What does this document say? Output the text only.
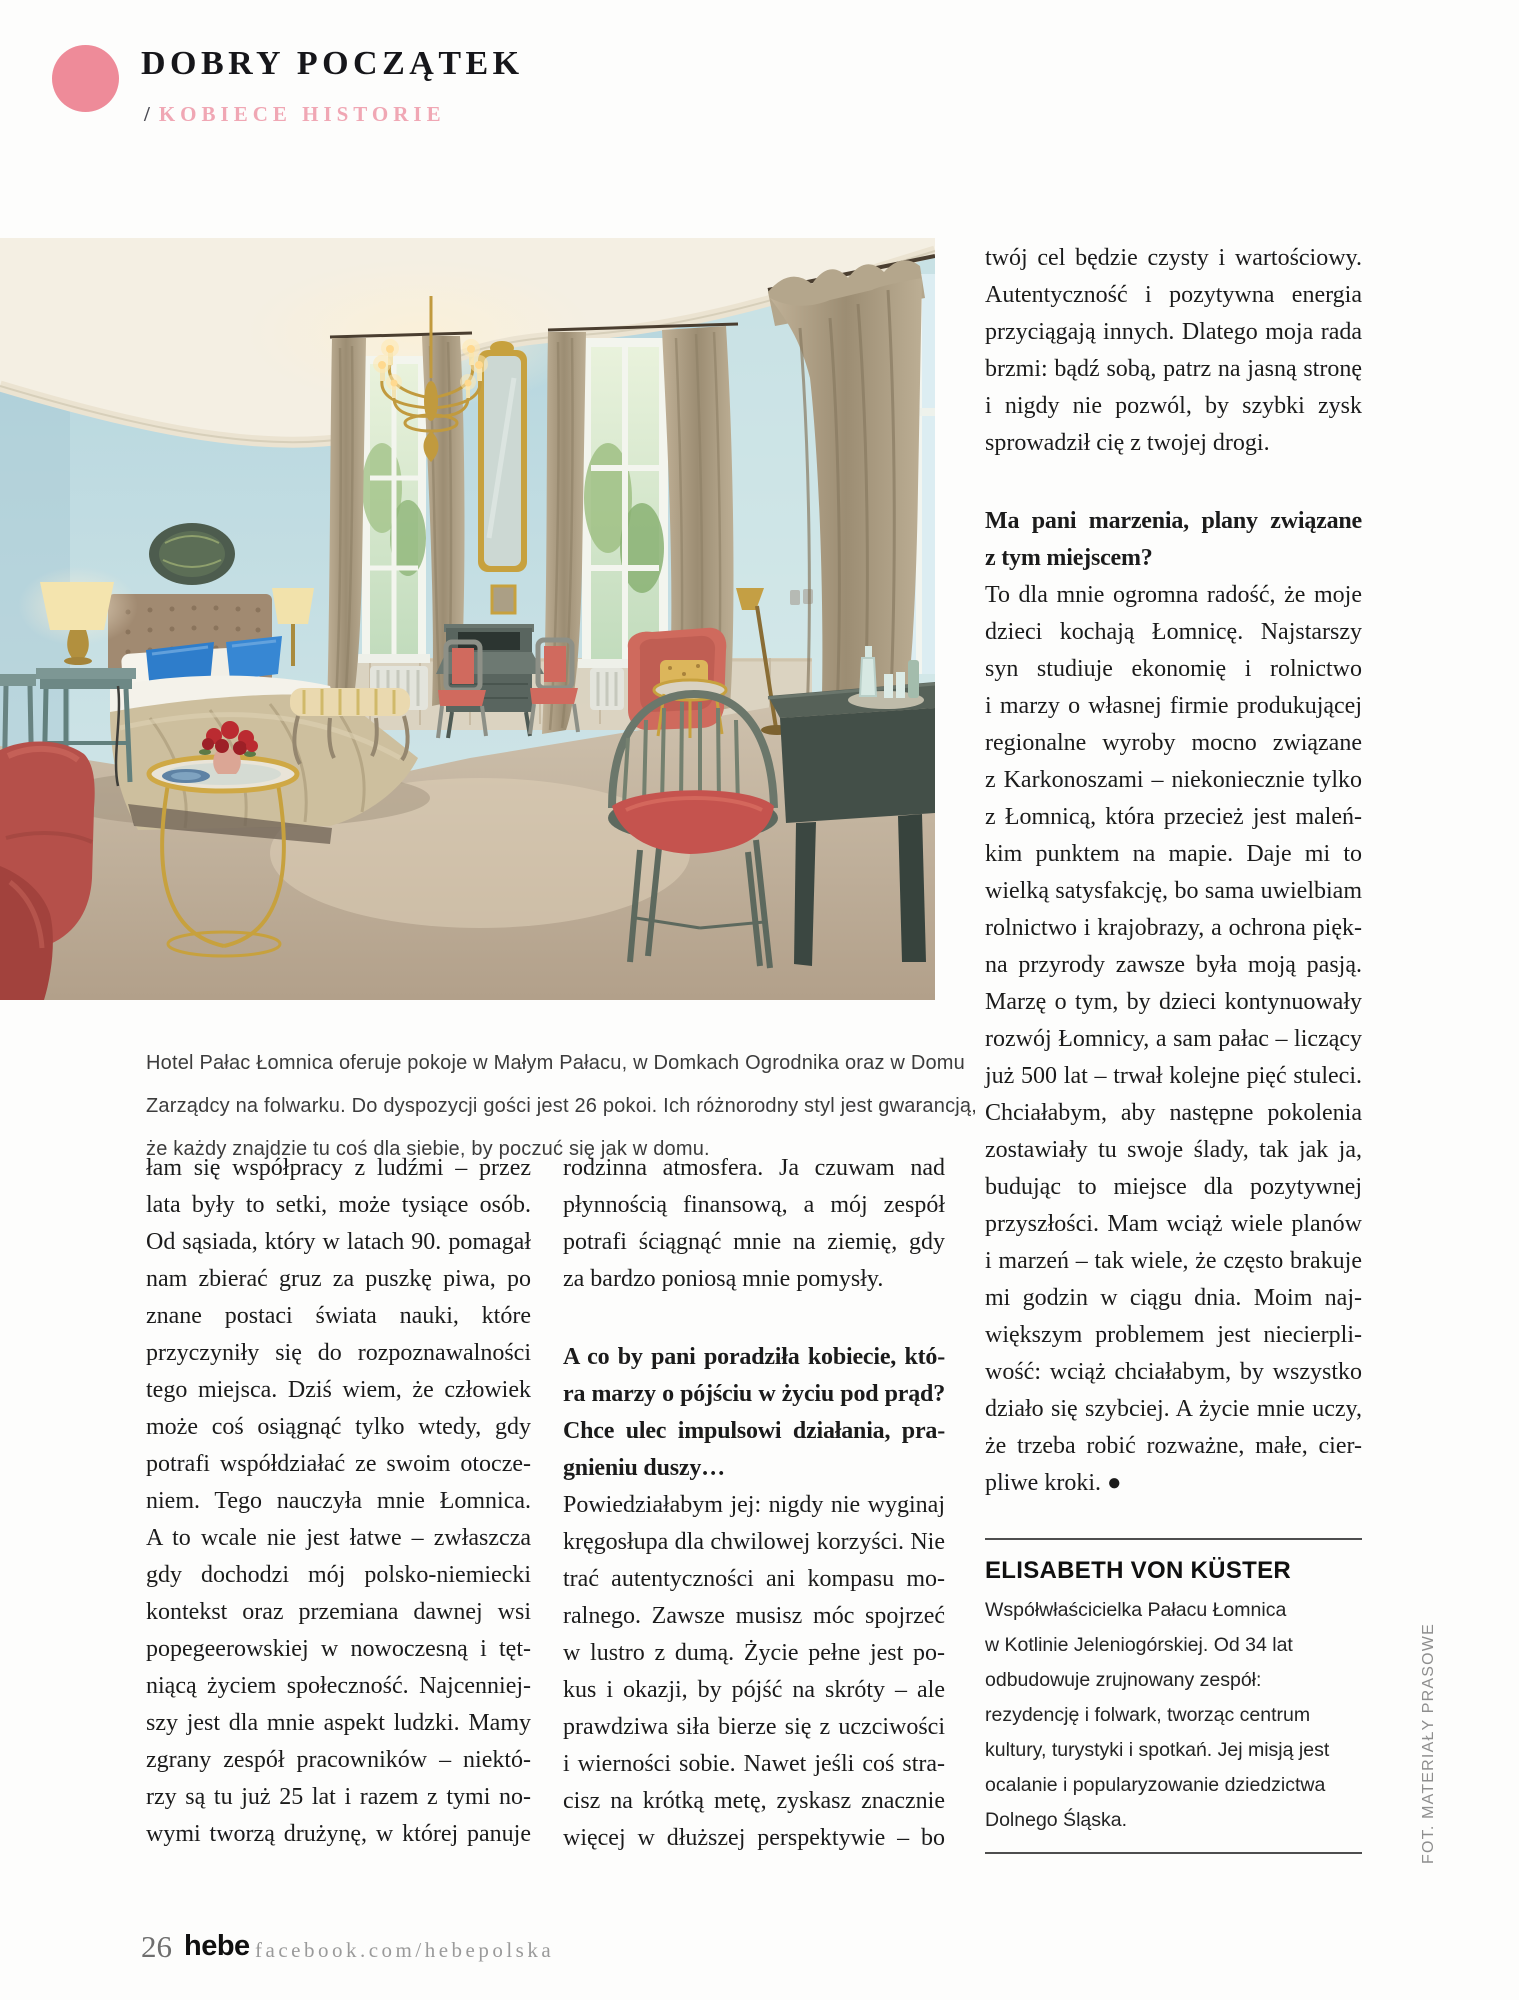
DOBRY POCZĄTEK
/ KOBIECE HISTORIE
Hotel Pałac Łomnica oferuje pokoje w Małym Pałacu, w Domkach Ogrodnika oraz w Domu
Zarządcy na folwarku. Do dyspozycji gości jest 26 pokoi. Ich różnorodny styl jest gwarancją,
że każdy znajdzie tu coś dla siebie, by poczuć się jak w domu.
łam się współpracy z ludźmi – przez
lata były to setki, może tysiące osób.
Od sąsiada, który w latach 90. pomagał
nam zbierać gruz za puszkę piwa, po
znane postaci świata nauki, które
przyczyniły się do rozpoznawalności
tego miejsca. Dziś wiem, że człowiek
może coś osiągnąć tylko wtedy, gdy
potrafi współdziałać ze swoim otocze-
niem. Tego nauczyła mnie Łomnica.
A to wcale nie jest łatwe – zwłaszcza
gdy dochodzi mój polsko-niemiecki
kontekst oraz przemiana dawnej wsi
popegeerowskiej w nowoczesną i tęt-
niącą życiem społeczność. Najcenniej-
szy jest dla mnie aspekt ludzki. Mamy
zgrany zespół pracowników – niektó-
rzy są tu już 25 lat i razem z tymi no-
wymi tworzą drużynę, w której panuje
rodzinna atmosfera. Ja czuwam nad
płynnością finansową, a mój zespół
potrafi ściągnąć mnie na ziemię, gdy
za bardzo poniosą mnie pomysły.
A co by pani poradziła kobiecie, któ-
ra marzy o pójściu w życiu pod prąd?
Chce ulec impulsowi działania, pra-
gnieniu duszy…
Powiedziałabym jej: nigdy nie wyginaj
kręgosłupa dla chwilowej korzyści. Nie
trać autentyczności ani kompasu mo-
ralnego. Zawsze musisz móc spojrzeć
w lustro z dumą. Życie pełne jest po-
kus i okazji, by pójść na skróty – ale
prawdziwa siła bierze się z uczciwości
i wierności sobie. Nawet jeśli coś stra-
cisz na krótką metę, zyskasz znacznie
więcej w dłuższej perspektywie – bo
twój cel będzie czysty i wartościowy.
Autentyczność i pozytywna energia
przyciągają innych. Dlatego moja rada
brzmi: bądź sobą, patrz na jasną stronę
i nigdy nie pozwól, by szybki zysk
sprowadził cię z twojej drogi.
Ma pani marzenia, plany związane
z tym miejscem?
To dla mnie ogromna radość, że moje
dzieci kochają Łomnicę. Najstarszy
syn studiuje ekonomię i rolnictwo
i marzy o własnej firmie produkującej
regionalne wyroby mocno związane
z Karkonoszami – niekoniecznie tylko
z Łomnicą, która przecież jest maleń-
kim punktem na mapie. Daje mi to
wielką satysfakcję, bo sama uwielbiam
rolnictwo i krajobrazy, a ochrona pięk-
na przyrody zawsze była moją pasją.
Marzę o tym, by dzieci kontynuowały
rozwój Łomnicy, a sam pałac – liczący
już 500 lat – trwał kolejne pięć stuleci.
Chciałabym, aby następne pokolenia
zostawiały tu swoje ślady, tak jak ja,
budując to miejsce dla pozytywnej
przyszłości. Mam wciąż wiele planów
i marzeń – tak wiele, że często brakuje
mi godzin w ciągu dnia. Moim naj-
większym problemem jest niecierpli-
wość: wciąż chciałabym, by wszystko
działo się szybciej. A życie mnie uczy,
że trzeba robić rozważne, małe, cier-
pliwe kroki. ●
ELISABETH VON KÜSTER
Współwłaścicielka Pałacu Łomnica
w Kotlinie Jeleniogórskiej. Od 34 lat
odbudowuje zrujnowany zespół:
rezydencję i folwark, tworząc centrum
kultury, turystyki i spotkań. Jej misją jest
ocalanie i popularyzowanie dziedzictwa
Dolnego Śląska.	FOT. MATERIAŁY PRASOWE
26 hebe facebook.com/hebepolska
